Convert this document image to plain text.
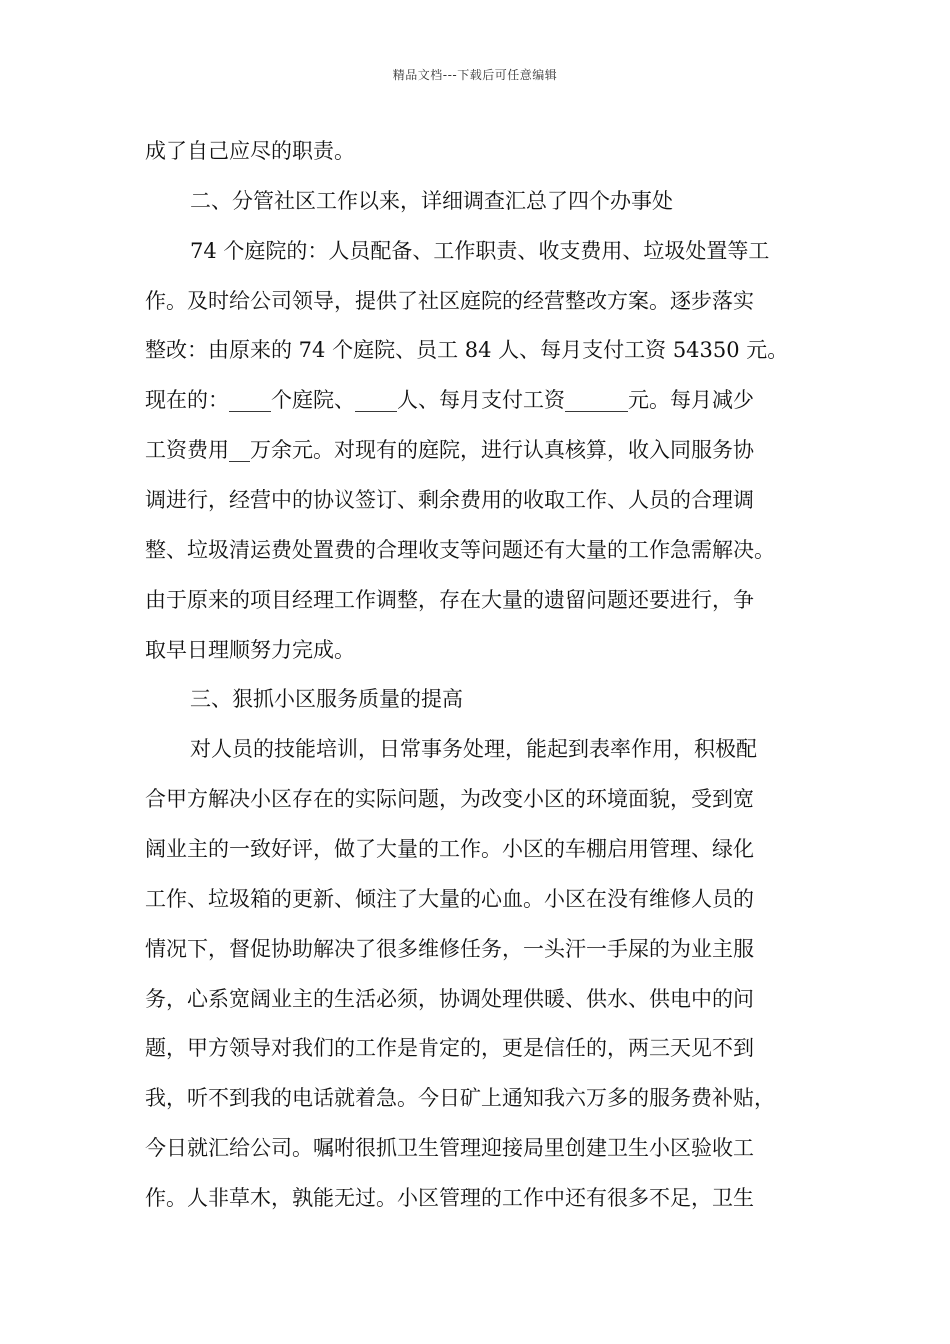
精品文档---下载后可任意编辑
成了自己应尽的职责。
二、分管社区工作以来，详细调查汇总了四个办事处
74 个庭院的：人员配备、工作职责、收支费用、垃圾处置等工
作。及时给公司领导，提供了社区庭院的经营整改方案。逐步落实
整改：由原来的 74 个庭院、员工 84 人、每月支付工资 54350 元。
现在的：____个庭院、____人、每月支付工资______元。每月减少
工资费用__万余元。对现有的庭院，进行认真核算，收入同服务协
调进行，经营中的协议签订、剩余费用的收取工作、人员的合理调
整、垃圾清运费处置费的合理收支等问题还有大量的工作急需解决。
由于原来的项目经理工作调整，存在大量的遗留问题还要进行，争
取早日理顺努力完成。
三、狠抓小区服务质量的提高
对人员的技能培训，日常事务处理，能起到表率作用，积极配
合甲方解决小区存在的实际问题，为改变小区的环境面貌，受到宽
阔业主的一致好评，做了大量的工作。小区的车棚启用管理、绿化
工作、垃圾箱的更新、倾注了大量的心血。小区在没有维修人员的
情况下，督促协助解决了很多维修任务，一头汗一手屎的为业主服
务，心系宽阔业主的生活必须，协调处理供暖、供水、供电中的问
题，甲方领导对我们的工作是肯定的，更是信任的，两三天见不到
我，听不到我的电话就着急。今日矿上通知我六万多的服务费补贴，
今日就汇给公司。嘱咐很抓卫生管理迎接局里创建卫生小区验收工
作。人非草木，孰能无过。小区管理的工作中还有很多不足，卫生
